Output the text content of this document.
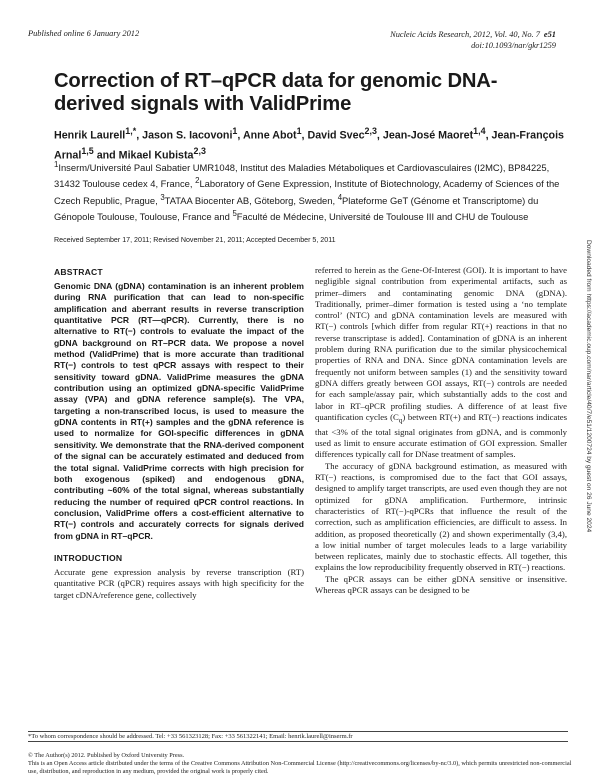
Published online 6 January 2012	Nucleic Acids Research, 2012, Vol. 40, No. 7 e51
doi:10.1093/nar/gkr1259
Correction of RT–qPCR data for genomic DNA-derived signals with ValidPrime
Henrik Laurell$^{1,*}$, Jason S. Iacovoni$^1$, Anne Abot$^1$, David Svec$^{2,3}$, Jean-José Maoret$^{1,4}$, Jean-François Arnal$^{1,5}$ and Mikael Kubista$^{2,3}$
$^1$Inserm/Université Paul Sabatier UMR1048, Institut des Maladies Métaboliques et Cardiovasculaires (I2MC), BP84225, 31432 Toulouse cedex 4, France, $^2$Laboratory of Gene Expression, Institute of Biotechnology, Academy of Sciences of the Czech Republic, Prague, $^3$TATAA Biocenter AB, Göteborg, Sweden, $^4$Plateforme GeT (Génome et Transcriptome) du Génopole Toulouse, Toulouse, France and $^5$Faculté de Médecine, Université de Toulouse III and CHU de Toulouse
Received September 17, 2011; Revised November 21, 2011; Accepted December 5, 2011	Downloaded from https://academic.oup.com/nar/article/40/7/e51/1200724 by guest on 26 June 2024
ABSTRACT

Genomic DNA (gDNA) contamination is an inherent problem during RNA purification that can lead to non-specific amplification and aberrant results in reverse transcription quantitative PCR (RT—qPCR). Currently, there is no alternative to RT(−) controls to evaluate the impact of the gDNA background on RT–PCR data. We propose a novel method (ValidPrime) that is more accurate than traditional RT(−) controls to test qPCR assays with respect to their sensitivity toward gDNA. ValidPrime measures the gDNA contribution using an optimized gDNA-specific ValidPrime assay (VPA) and gDNA reference sample(s). The VPA, targeting a non-transcribed locus, is used to measure the gDNA contents in RT(+) samples and the gDNA reference is used to normalize for GOI-specific differences in gDNA sensitivity. We demonstrate that the RNA-derived component of the signal can be accurately estimated and deduced from the total signal. ValidPrime corrects with high precision for both exogenous (spiked) and endogenous gDNA, contributing ~60% of the total signal, whereas substantially reducing the number of required qPCR control reactions. In conclusion, ValidPrime offers a cost-efficient alternative to RT(−) controls and accurately corrects for signals derived from gDNA in RT–qPCR.

INTRODUCTION

Accurate gene expression analysis by reverse transcription (RT) quantitative PCR (qPCR) requires assays with high specificity for the target cDNA/reference gene, collectively

referred to herein as the Gene-Of-Interest (GOI). It is important to have negligible signal contribution from experimental artifacts, such as primer–dimers and contaminating genomic DNA (gDNA). Traditionally, primer–dimer formation is tested using a ‘no template control’ (NTC) and gDNA contamination levels are measured with RT(−) controls [which differ from regular RT(+) reactions in that no reverse transcriptase is added]. Contamination of gDNA is an inherent problem during RNA purification due to the similar physicochemical properties of RNA and DNA. Since gDNA contamination levels are frequently not uniform between samples (1) and the sensitivity toward gDNA differs greatly between GOI assays, RT(−) controls are needed for each sample/assay pair, which substantially adds to the cost and labor in RT–qPCR profiling studies. A difference of at least five quantification cycles $(C_q)$ between RT(+) and RT(−) reactions indicates that <3% of the total signal originates from gDNA, and is commonly used as limit to ensure accurate estimation of GOI expression. Smaller differences typically call for DNase treatment of samples.

The accuracy of gDNA background estimation, as measured with RT(−) reactions, is compromised due to the fact that GOI assays, designed to amplify target transcripts, are used even though they are not optimized for gDNA amplification. Furthermore, intrinsic characteristics of RT(−)-qPCRs that influence the result of the correction, such as amplification efficiencies, are difficult to assess. In addition, as proposed theoretically (2) and shown experimentally (3,4), a low initial number of target molecules leads to a large variability between replicates, mainly due to stochastic effects. All together, this explains the low reproducibility frequently observed in RT(−) reactions.

The qPCR assays can be either gDNA sensitive or insensitive. Whereas qPCR assays can be designed to be

*To whom correspondence should be addressed. Tel: +33 561323128; Fax: +33 561322141; Email: henrik.laurell@inserm.fr
© The Author(s) 2012. Published by Oxford University Press.
This is an Open Access article distributed under the terms of the Creative Commons Attribution Non-Commercial License (http://creativecommons.org/licenses/by-nc/3.0), which permits unrestricted non-commercial use, distribution, and reproduction in any medium, provided the original work is properly cited.
